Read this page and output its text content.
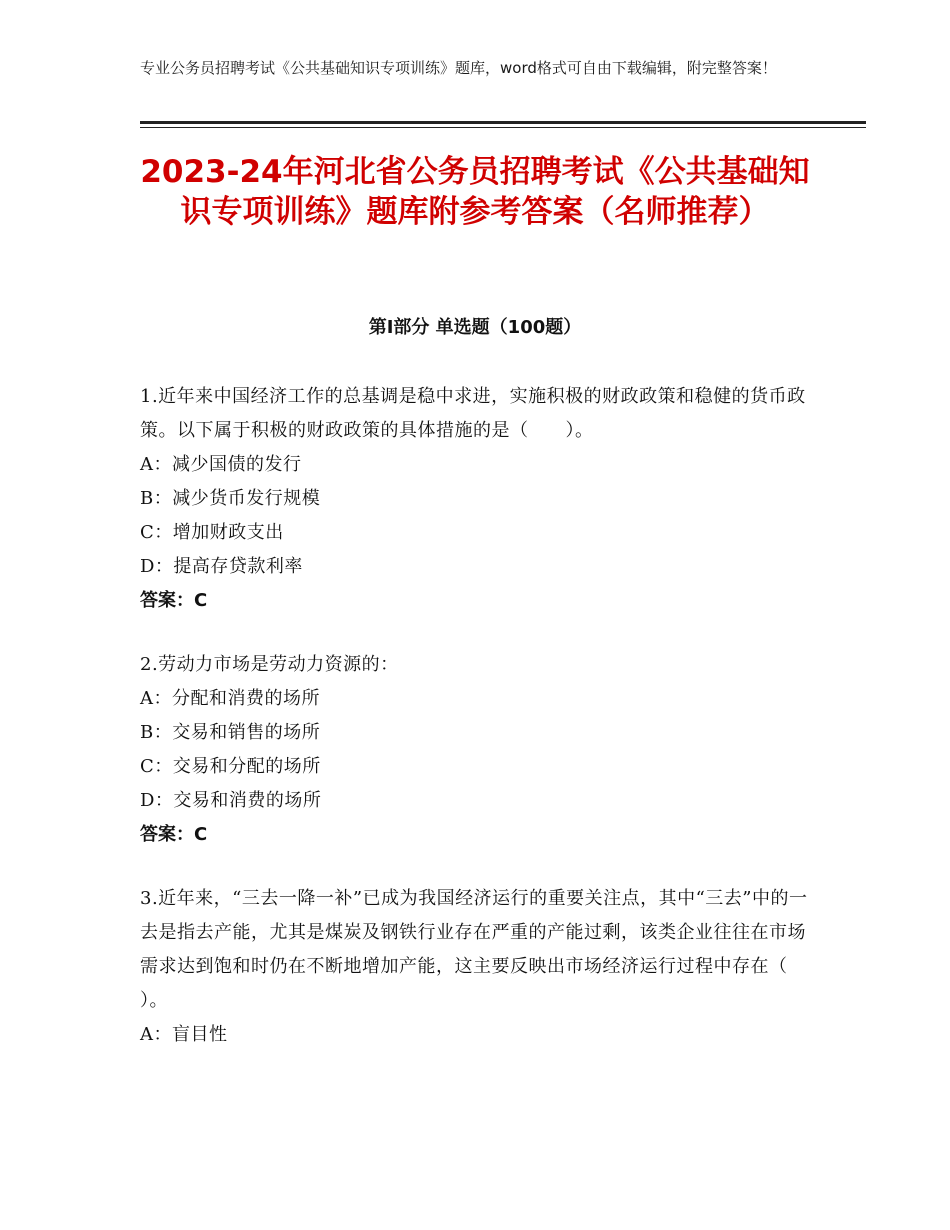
专业公务员招聘考试《公共基础知识专项训练》题库，word格式可自由下载编辑，附完整答案！
2023-24年河北省公务员招聘考试《公共基础知识专项训练》题库附参考答案（名师推荐）
第Ⅰ部分 单选题（100题）
1.近年来中国经济工作的总基调是稳中求进，实施积极的财政政策和稳健的货币政策。以下属于积极的财政政策的具体措施的是（　　）。
A：减少国债的发行
B：减少货币发行规模
C：增加财政支出
D：提高存贷款利率
答案：C
2.劳动力市场是劳动力资源的：
A：分配和消费的场所
B：交易和销售的场所
C：交易和分配的场所
D：交易和消费的场所
答案：C
3.近年来，“三去一降一补”已成为我国经济运行的重要关注点，其中“三去”中的一去是指去产能，尤其是煤炭及钢铁行业存在严重的产能过剩，该类企业往往在市场需求达到饱和时仍在不断地增加产能，这主要反映出市场经济运行过程中存在（ ）。
A：盲目性
